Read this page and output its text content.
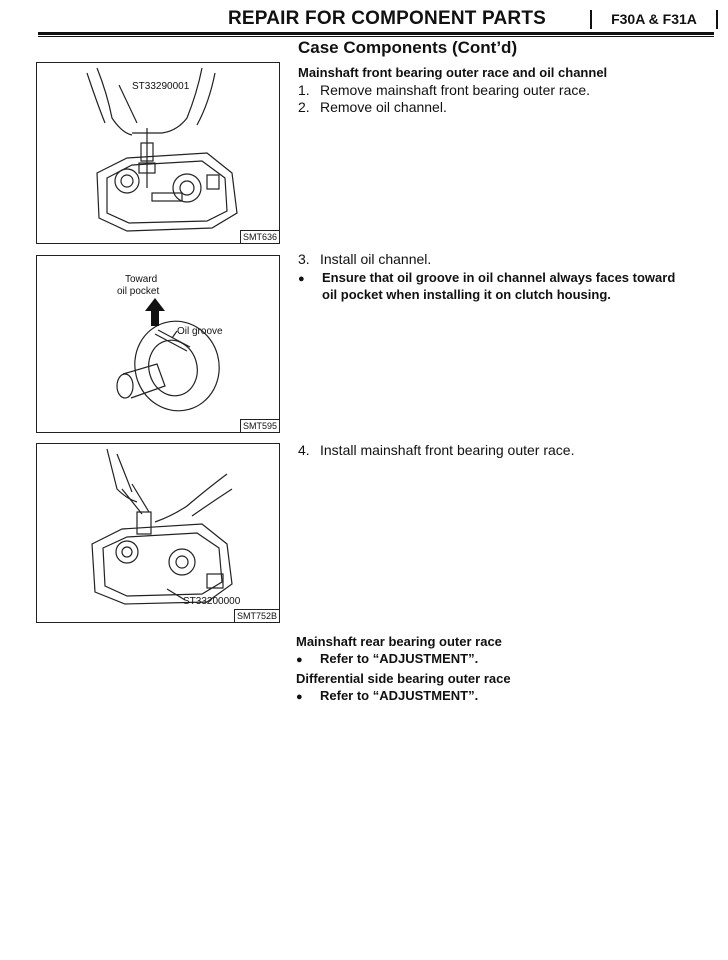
REPAIR FOR COMPONENT PARTS	F30A & F31A
Case Components (Cont’d)
Mainshaft front bearing outer race and oil channel
1. Remove mainshaft front bearing outer race.
2. Remove oil channel.
3. Install oil channel.
● Ensure that oil groove in oil channel always faces toward
oil pocket when installing it on clutch housing.
4. Install mainshaft front bearing outer race.
Mainshaft rear bearing outer race
● Refer to “ADJUSTMENT”.
Differential side bearing outer race
● Refer to “ADJUSTMENT”.
ST33290001
SMT636
Toward
oil pocket
Oil groove
SMT595
ST33200000
SMT752B
